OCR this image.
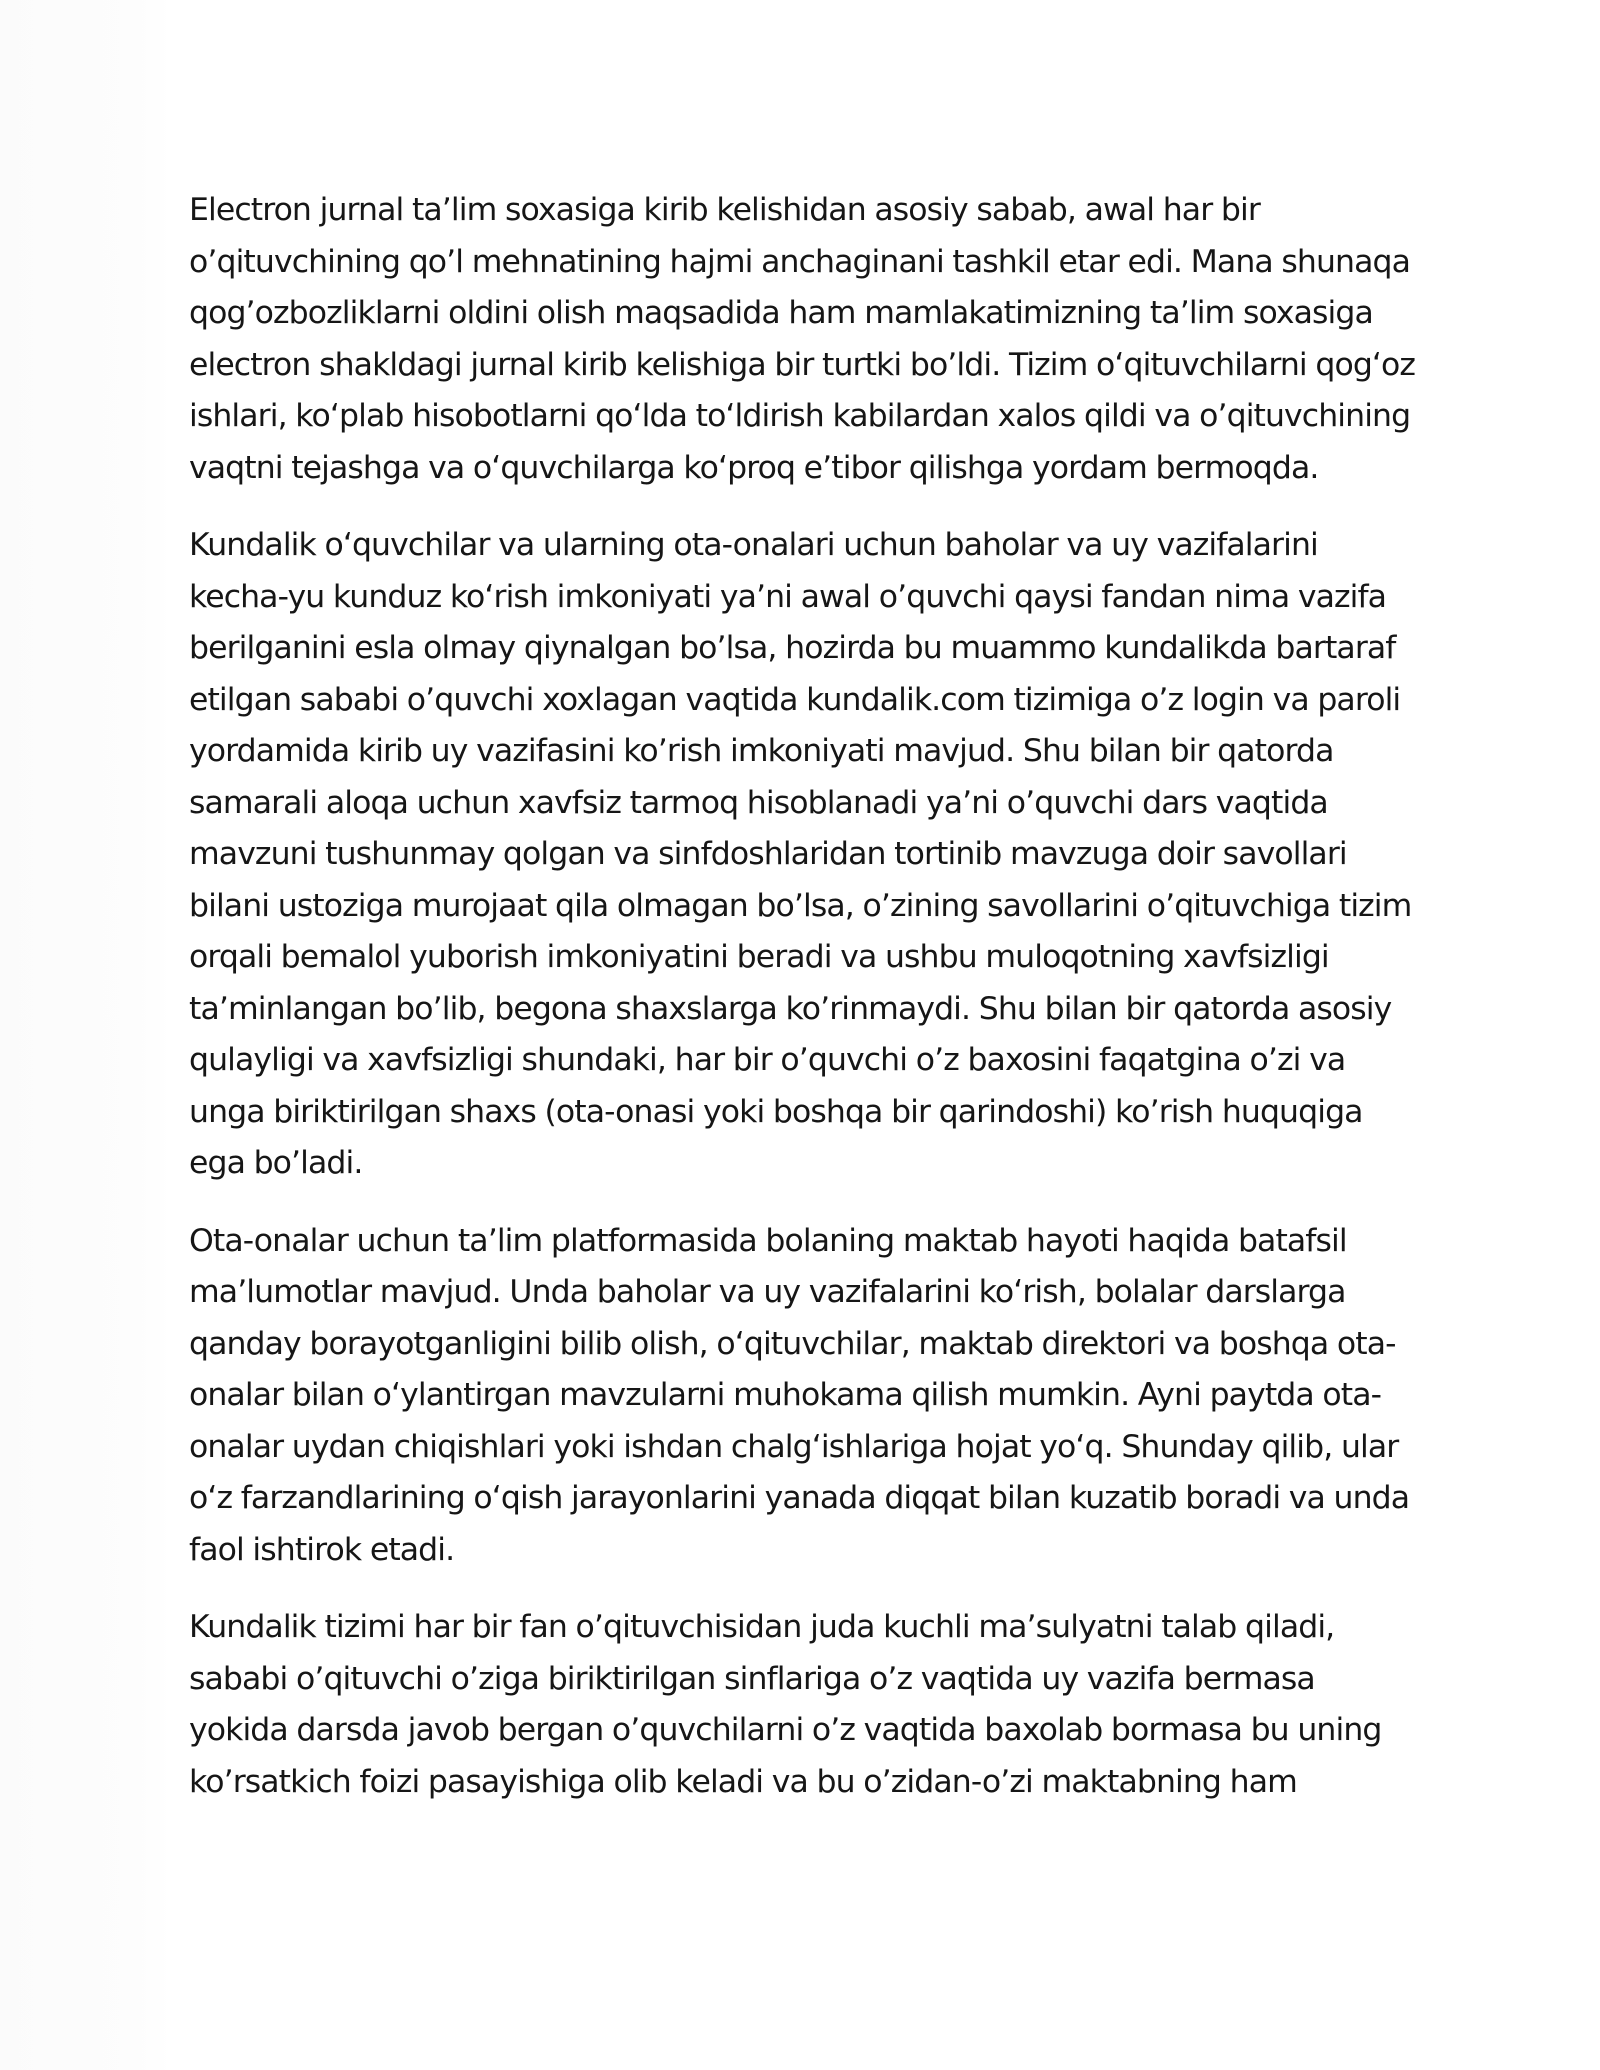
Electron jurnal ta’lim soxasiga kirib kelishidan asosiy sabab, awal har bir o’qituvchining qo’l mehnatining hajmi anchaginani tashkil etar edi. Mana shunaqa qog’ozbozliklarni oldini olish maqsadida ham mamlakatimizning ta’lim soxasiga electron shakldagi jurnal kirib kelishiga bir turtki bo’ldi. Tizim oʻqituvchilarni qogʻoz ishlari, koʻplab hisobotlarni qoʻlda toʻldirish kabilardan xalos qildi va o’qituvchining vaqtni tejashga va oʻquvchilarga koʻproq eʼtibor qilishga yordam bermoqda.

Kundalik oʻquvchilar va ularning ota-onalari uchun baholar va uy vazifalarini kecha-yu kunduz koʻrish imkoniyati ya’ni awal o’quvchi qaysi fandan nima vazifa berilganini esla olmay qiynalgan bo’lsa, hozirda bu muammo kundalikda bartaraf etilgan sababi o’quvchi xoxlagan vaqtida kundalik.com tizimiga o’z login va paroli yordamida kirib uy vazifasini ko’rish imkoniyati mavjud. Shu bilan bir qatorda samarali aloqa uchun xavfsiz tarmoq hisoblanadi ya’ni o’quvchi dars vaqtida mavzuni tushunmay qolgan va sinfdoshlaridan tortinib mavzuga doir savollari bilani ustoziga murojaat qila olmagan bo’lsa, o’zining savollarini o’qituvchiga tizim orqali bemalol yuborish imkoniyatini beradi va ushbu muloqotning xavfsizligi ta’minlangan bo’lib, begona shaxslarga ko’rinmaydi. Shu bilan bir qatorda asosiy qulayligi va xavfsizligi shundaki, har bir o’quvchi o’z baxosini faqatgina o’zi va unga biriktirilgan shaxs (ota-onasi yoki boshqa bir qarindoshi) ko’rish huquqiga ega bo’ladi.

Ota-onalar uchun ta’lim platformasida bolaning maktab hayoti haqida batafsil ma’lumotlar mavjud. Unda baholar va uy vazifalarini koʻrish, bolalar darslarga qanday borayotganligini bilib olish, oʻqituvchilar, maktab direktori va boshqa ota-onalar bilan oʻylantirgan mavzularni muhokama qilish mumkin. Ayni paytda ota-onalar uydan chiqishlari yoki ishdan chalgʻishlariga hojat yoʻq. Shunday qilib, ular oʻz farzandlarining oʻqish jarayonlarini yanada diqqat bilan kuzatib boradi va unda faol ishtirok etadi.

Kundalik tizimi har bir fan o’qituvchisidan juda kuchli ma’sulyatni talab qiladi, sababi o’qituvchi o’ziga biriktirilgan sinflariga o’z vaqtida uy vazifa bermasa yokida darsda javob bergan o’quvchilarni o’z vaqtida baxolab bormasa bu uning ko’rsatkich foizi pasayishiga olib keladi va bu o’zidan-o’zi maktabning ham
